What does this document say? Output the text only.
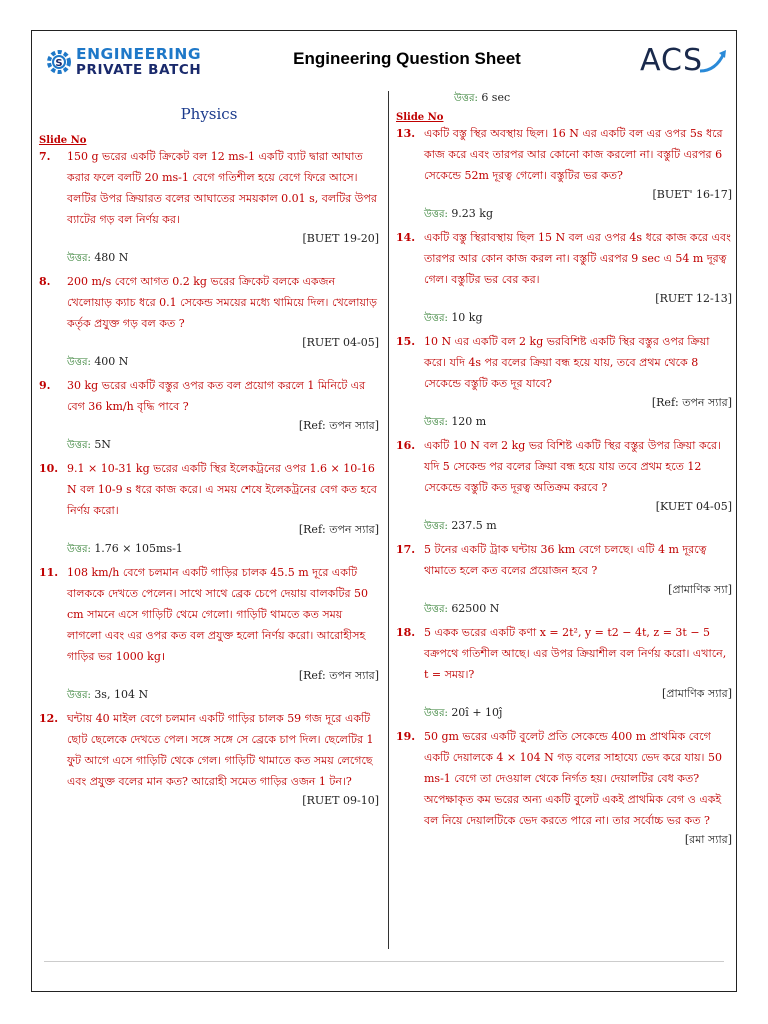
S
ENGINEERING
PRIVATE BATCH
Engineering Question Sheet	ACS
Physics
Slide No
7. 150 g ভরের একটি ক্রিকেট বল 12 ms-1 একটি ব্যাট দ্বারা আঘাত করার ফলে বলটি 20 ms-1 বেগে গতিশীল হয়ে বেগে ফিরে আসে। বলটির উপর ক্রিয়ারত বলের আঘাতের সময়কাল 0.01 s, বলটির উপর ব্যাটের গড় বল নির্ণয় কর।
[BUET 19-20]
উত্তর: 480 N
8. 200 m/s বেগে আগত 0.2 kg ভরের ক্রিকেট বলকে একজন খেলোয়াড় ক্যাচ ধরে 0.1 সেকেন্ড সময়ের মধ্যে থামিয়ে দিল। খেলোয়াড় কর্তৃক প্রযুক্ত গড় বল কত ?
[RUET 04-05]
উত্তর: 400 N
9. 30 kg ভরের একটি বস্তুর ওপর কত বল প্রয়োগ করলে 1 মিনিটে এর বেগ 36 km/h বৃদ্ধি পাবে ?
[Ref: তপন স্যার]
উত্তর: 5N
10. 9.1 × 10-31 kg ভরের একটি স্থির ইলেকট্রনের ওপর 1.6 × 10-16 N বল 10-9 s ধরে কাজ করে। এ সময় শেষে ইলেকট্রনের বেগ কত হবে নির্ণয় করো।
[Ref: তপন স্যার]
উত্তর: 1.76 × 105ms-1
11. 108 km/h বেগে চলমান একটি গাড়ির চালক 45.5 m দূরে একটি বালককে দেখতে পেলেন। সাথে সাথে ব্রেক চেপে দেয়ায় বালকটির 50 cm সামনে এসে গাড়িটি থেমে গেলো। গাড়িটি থামতে কত সময় লাগলো এবং এর ওপর কত বল প্রযুক্ত হলো নির্ণয় করো। আরোহীসহ গাড়ির ভর 1000 kg।
[Ref: তপন স্যার]
উত্তর: 3s, 104 N
12. ঘন্টায় 40 মাইল বেগে চলমান একটি গাড়ির চালক 59 গজ দূরে একটি ছোট ছেলেকে দেখতে পেল। সঙ্গে সঙ্গে সে ব্রেকে চাপ দিল। ছেলেটির 1 ফুট আগে এসে গাড়িটি থেকে গেল। গাড়িটি থামাতে কত সময় লেগেছে এবং প্রযুক্ত বলের মান কত? আরোহী সমেত গাড়ির ওজন 1 টন।?
[RUET 09-10]
উত্তর: 6 sec
Slide No
13. একটি বস্তু স্থির অবস্থায় ছিল। 16 N এর একটি বল এর ওপর 5s ধরে কাজ করে এবং তারপর আর কোনো কাজ করলো না। বস্তুটি এরপর 6 সেকেন্ডে 52m দূরত্ব গেলো। বস্তুটির ভর কত?
[BUET' 16-17]
উত্তর: 9.23 kg
14. একটি বস্তু স্থিরাবস্থায় ছিল 15 N বল এর ওপর 4s ধরে কাজ করে এবং তারপর আর কোন কাজ করল না। বস্তুটি এরপর 9 sec এ 54 m দূরত্ব গেল। বস্তুটির ভর বের কর।
[RUET 12-13]
উত্তর: 10 kg
15. 10 N এর একটি বল 2 kg ভরবিশিষ্ট একটি স্থির বস্তুর ওপর ক্রিয়া করে। যদি 4s পর বলের ক্রিয়া বন্ধ হয়ে যায়, তবে প্রথম থেকে 8 সেকেন্ডে বস্তুটি কত দূর যাবে?
[Ref: তপন স্যার]
উত্তর: 120 m
16. একটি 10 N বল 2 kg ভর বিশিষ্ট একটি স্থির বস্তুর উপর ক্রিয়া করে। যদি 5 সেকেন্ড পর বলের ক্রিয়া বন্ধ হয়ে যায় তবে প্রথম হতে 12 সেকেন্ডে বস্তুটি কত দূরত্ব অতিক্রম করবে ?
[KUET 04-05]
উত্তর: 237.5 m
17. 5 টনের একটি ট্রাক ঘন্টায় 36 km বেগে চলছে। এটি 4 m দূরত্বে থামাতে হলে কত বলের প্রয়োজন হবে ?
[প্রামাণিক স্যা]
উত্তর: 62500 N
18. 5 একক ভরের একটি কণা x = 2t², y = t2 − 4t, z = 3t − 5 বক্রপথে গতিশীল আছে। এর উপর ক্রিয়াশীল বল নির্ণয় করো। এখানে, t = সময়।?
[প্রামাণিক স্যার]
উত্তর: 20î + 10ĵ
19. 50 gm ভরের একটি বুলেট প্রতি সেকেন্ডে 400 m প্রাথমিক বেগে একটি দেয়ালকে 4 × 104 N গড় বলের সাহায্যে ভেদ করে যায়। 50 ms-1 বেগে তা দেওয়াল থেকে নির্গত হয়। দেয়ালটির বেধ কত? অপেক্ষাকৃত কম ভরের অন্য একটি বুলেট একই প্রাথমিক বেগ ও একই বল নিয়ে দেয়ালটিকে ভেদ করতে পারে না। তার সর্বোচ্চ ভর কত ?
[রমা স্যার]
